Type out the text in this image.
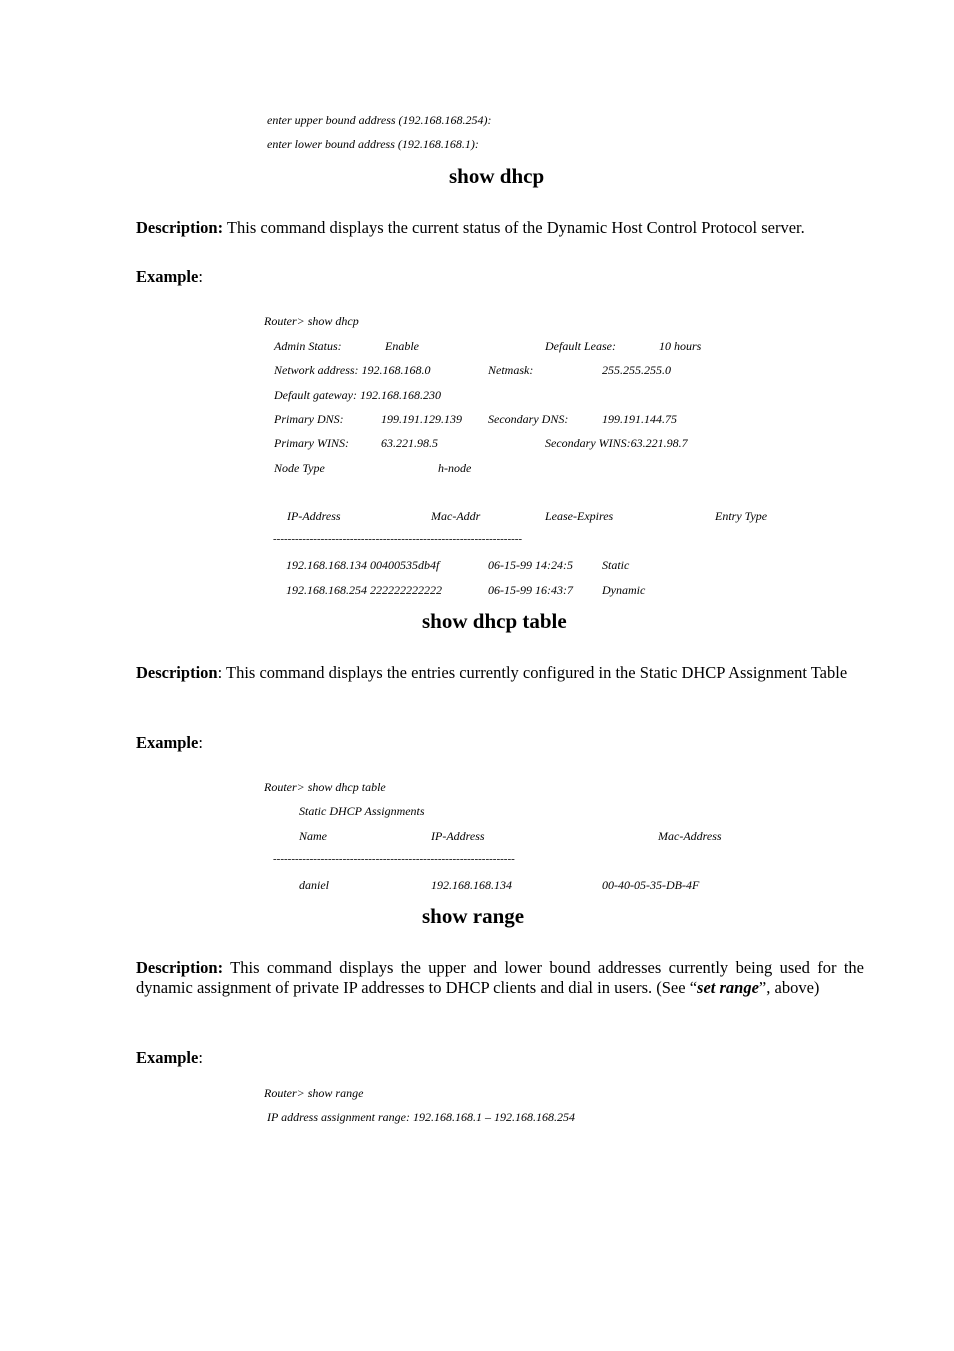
enter upper bound address (192.168.168.254):
enter lower bound address (192.168.168.1):
show dhcp
Description: This command displays the current status of the Dynamic Host Control Protocol server.
Example:
Router> show dhcp
Admin Status:	Enable	Default Lease:	10 hours
Network address: 192.168.168.0	Netmask:	255.255.255.0
Default gateway: 192.168.168.230
Primary DNS:	199.191.129.139 Secondary DNS:	199.191.144.75
Primary WINS:	63.221.98.5	Secondary WINS:63.221.98.7
Node Type	h-node
IP-Address	Mac-Addr	Lease-Expires	Entry Type
--------------------------------------------------------------------
192.168.168.134 00400535db4f	06-15-99 14:24:5 Static
192.168.168.254 222222222222	06-15-99 16:43:7 Dynamic
show dhcp table
Description: This command displays the entries currently configured in the Static DHCP Assignment Table
Example:
Router> show dhcp table
Static DHCP Assignments
Name	IP-Address	Mac-Address
------------------------------------------------------------------
daniel	192.168.168.134	00-40-05-35-DB-4F
show range
Description: This command displays the upper and lower bound addresses currently being used for the dynamic assignment of private IP addresses to DHCP clients and dial in users. (See “set range”, above)
Example:
Router> show range
IP address assignment range: 192.168.168.1 – 192.168.168.254
